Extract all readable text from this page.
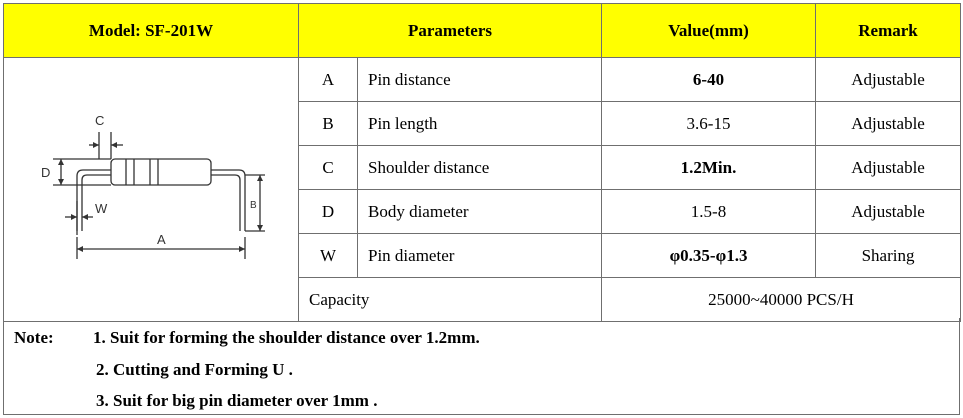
Model: SF-201W	Parameters		Value(mm)	Remark

C
D
W
A
B	A	Pin distance	6-40	Adjustable
	B	Pin length	3.6-15	Adjustable
	C	Shoulder distance	1.2Min.	Adjustable
	D	Body diameter	1.5-8	Adjustable
	W	Pin diameter	φ0.35-φ1.3	Sharing
	Capacity		25000~40000 PCS/H	
Note: 1. Suit for forming the shoulder distance over 1.2mm.
2. Cutting and Forming U .
3. Suit for big pin diameter over 1mm .
